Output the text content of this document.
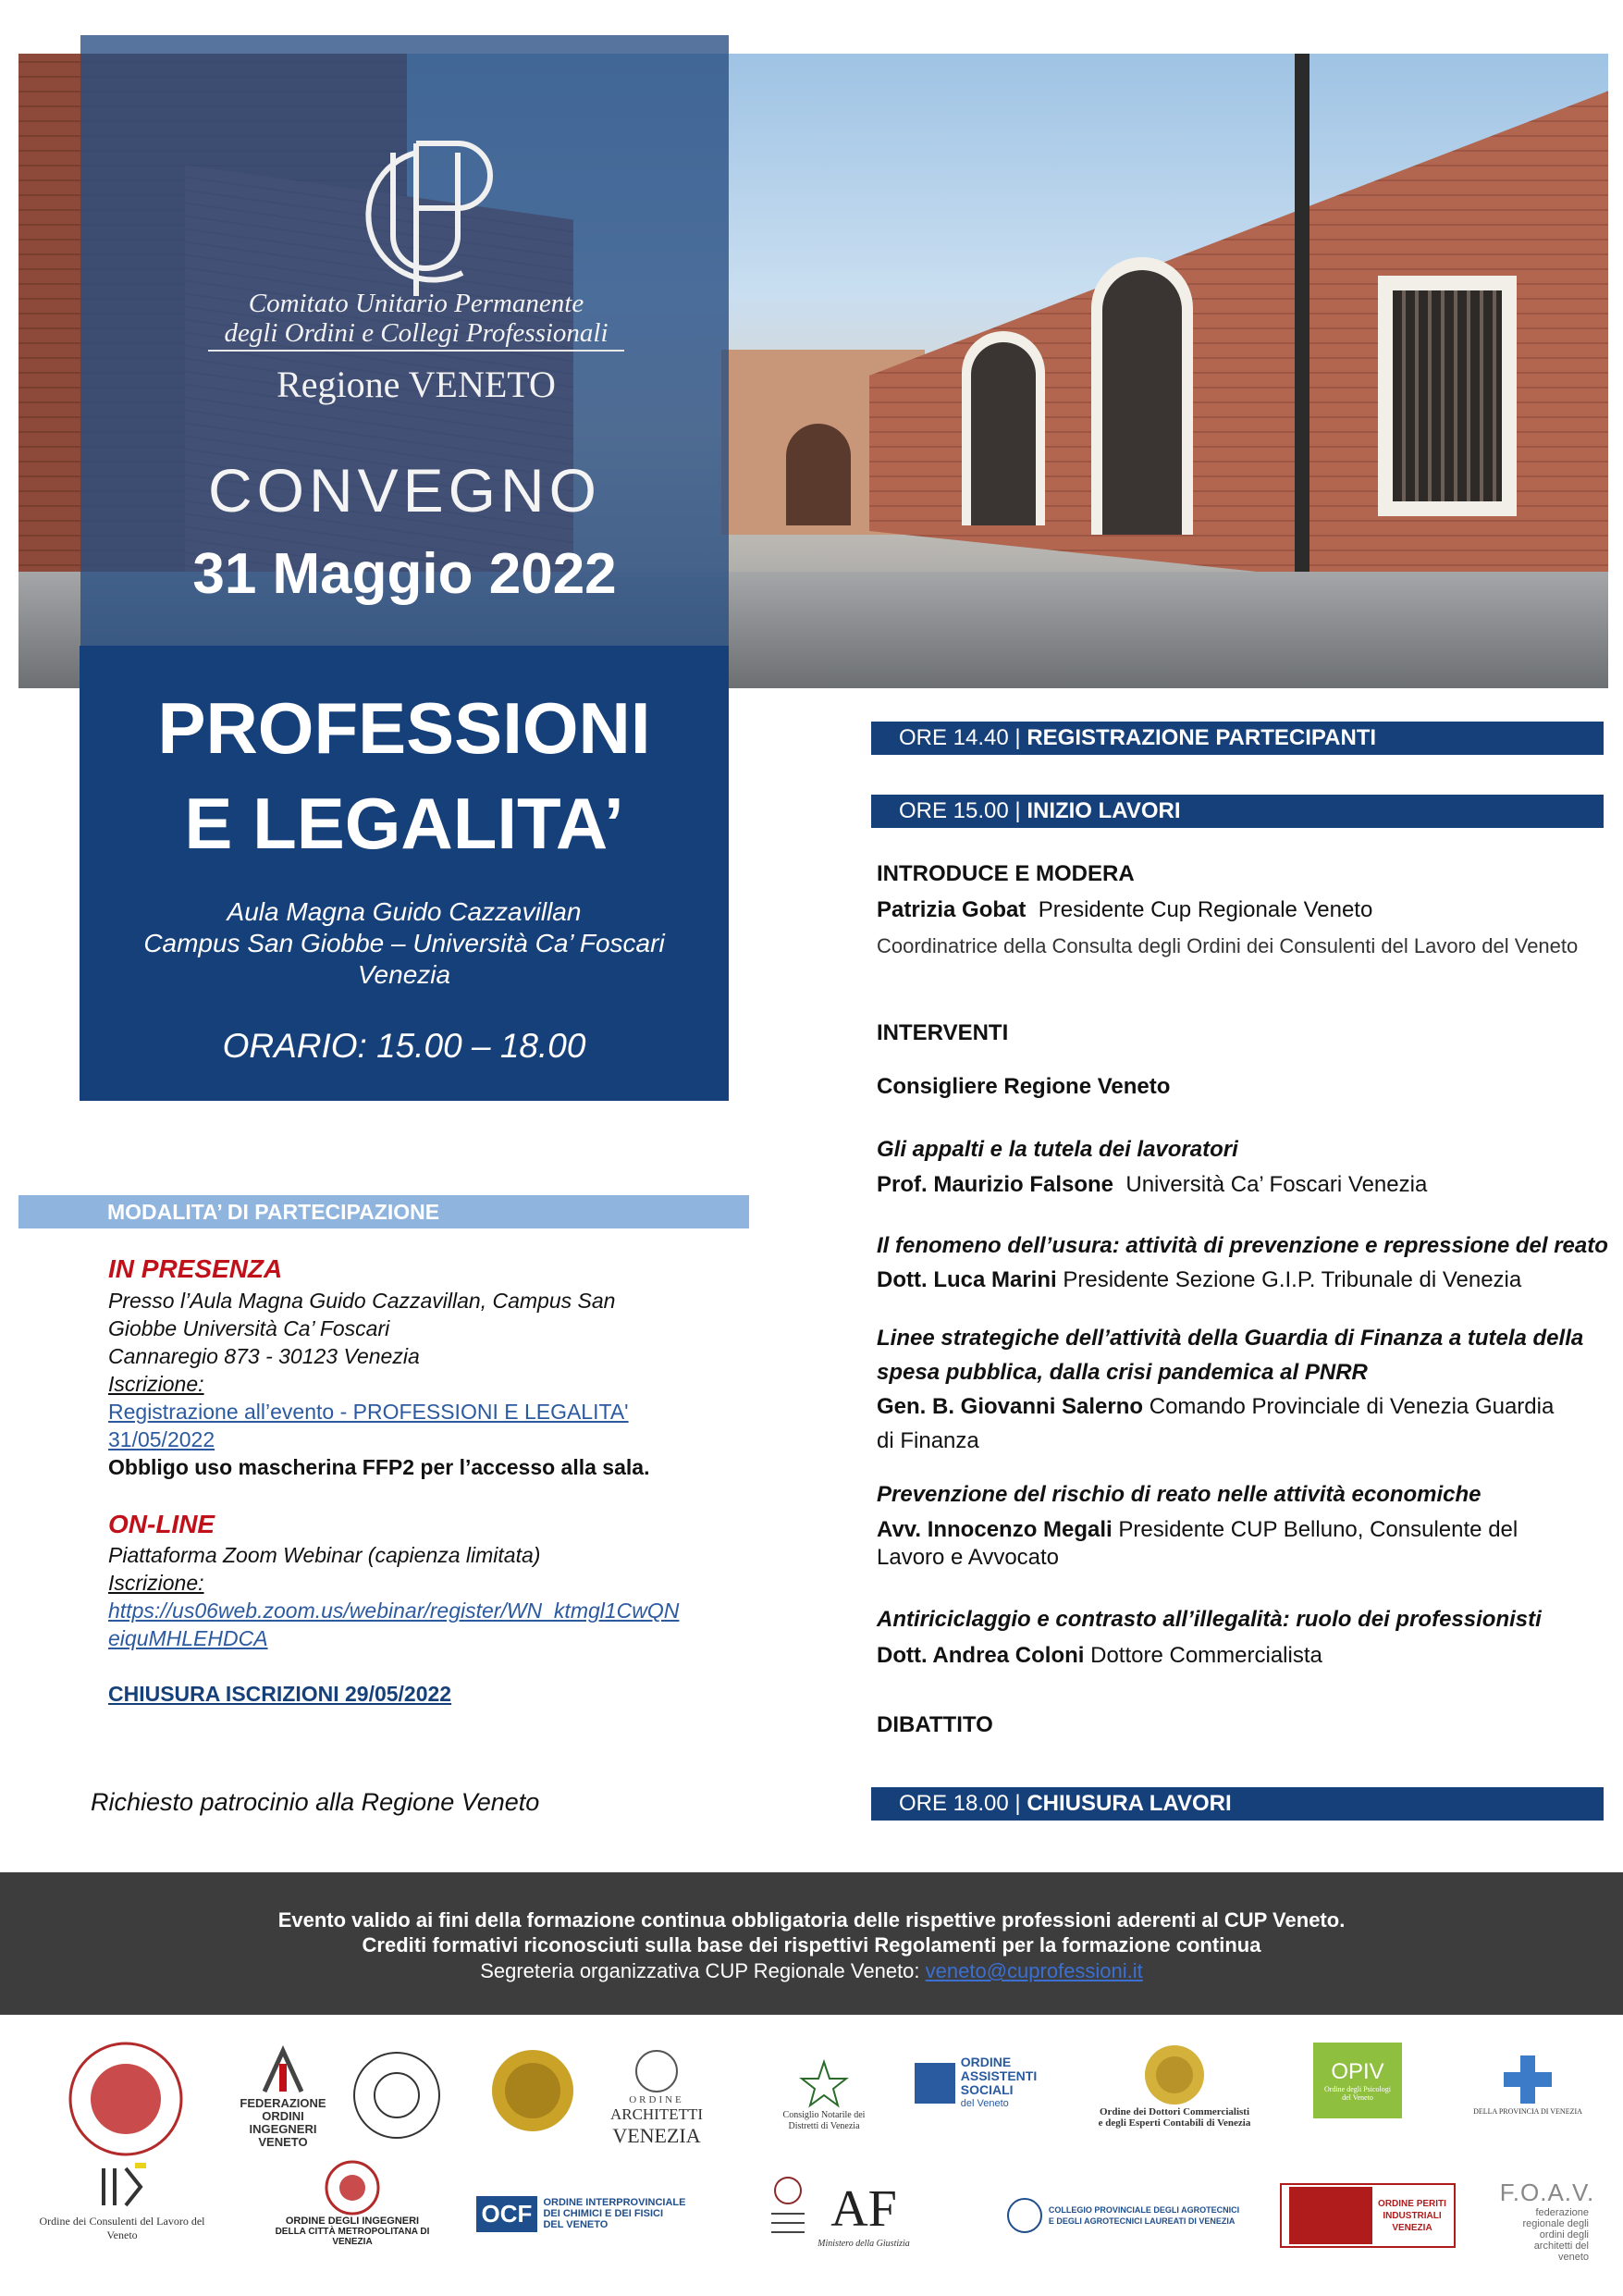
Comitato Unitario Permanente
degli Ordini e Collegi Professionali
Regione VENETO
CONVEGNO
31 Maggio 2022
PROFESSIONI
E LEGALITA’
Aula Magna Guido Cazzavillan
Campus San Giobbe – Università Ca’ Foscari
Venezia
ORARIO: 15.00 – 18.00
ORE 14.40 | REGISTRAZIONE PARTECIPANTI
ORE 15.00 | INIZIO LAVORI
INTRODUCE E MODERA
Patrizia Gobat Presidente Cup Regionale Veneto
Coordinatrice della Consulta degli Ordini dei Consulenti del Lavoro del Veneto
INTERVENTI
Consigliere Regione Veneto
Gli appalti e la tutela dei lavoratori
Prof. Maurizio Falsone Università Ca’ Foscari Venezia
Il fenomeno dell’usura: attività di prevenzione e repressione del reato
Dott. Luca Marini Presidente Sezione G.I.P. Tribunale di Venezia
Linee strategiche dell’attività della Guardia di Finanza a tutela della
spesa pubblica, dalla crisi pandemica al PNRR
Gen. B. Giovanni Salerno Comando Provinciale di Venezia Guardia
di Finanza
Prevenzione del rischio di reato nelle attività economiche
Avv. Innocenzo Megali Presidente CUP Belluno, Consulente del
Lavoro e Avvocato
Antiriciclaggio e contrasto all’illegalità: ruolo dei professionisti
Dott. Andrea Coloni Dottore Commercialista
DIBATTITO
ORE 18.00 | CHIUSURA LAVORI
MODALITA’ DI PARTECIPAZIONE
IN PRESENZA
Presso l’Aula Magna Guido Cazzavillan, Campus San
Giobbe Università Ca’ Foscari
Cannaregio 873 - 30123 Venezia
Iscrizione:
Registrazione all’evento - PROFESSIONI E LEGALITA'
31/05/2022
Obbligo uso mascherina FFP2 per l’accesso alla sala.
ON-LINE
Piattaforma Zoom Webinar (capienza limitata)
Iscrizione:
https://us06web.zoom.us/webinar/register/WN_ktmgl1CwQN
eiquMHLEHDCA
CHIUSURA ISCRIZIONI 29/05/2022
Richiesto patrocinio alla Regione Veneto
Evento valido ai fini della formazione continua obbligatoria delle rispettive professioni aderenti al CUP Veneto.
Crediti formativi riconosciuti sulla base dei rispettivi Regolamenti per la formazione continua
Segreteria organizzativa CUP Regionale Veneto: veneto@cuprofessioni.it
FEDERAZIONE ORDINI INGEGNERI VENETO
ORDINE
ARCHITETTI
VENEZIA
Consiglio Notarile dei Distretti di Venezia
ORDINE
ASSISTENTI
SOCIALI
del Veneto
Ordine dei Dottori Commercialisti
e degli Esperti Contabili di Venezia
OPIV
Ordine degli Psicologi del Veneto
DELLA PROVINCIA DI VENEZIA
Ordine dei Consulenti del Lavoro del Veneto
ORDINE DEGLI INGEGNERI
DELLA CITTÀ METROPOLITANA DI VENEZIA
OCF	ORDINE INTERPROVINCIALE
DEI CHIMICI E DEI FISICI
DEL VENETO	AF
Ministero della Giustizia
COLLEGIO PROVINCIALE DEGLI AGROTECNICI
E DEGLI AGROTECNICI LAUREATI DI VENEZIA
ORDINE PERITI
INDUSTRIALI
VENEZIA
F.O.A.V.
federazione regionale degli ordini degli architetti del veneto
